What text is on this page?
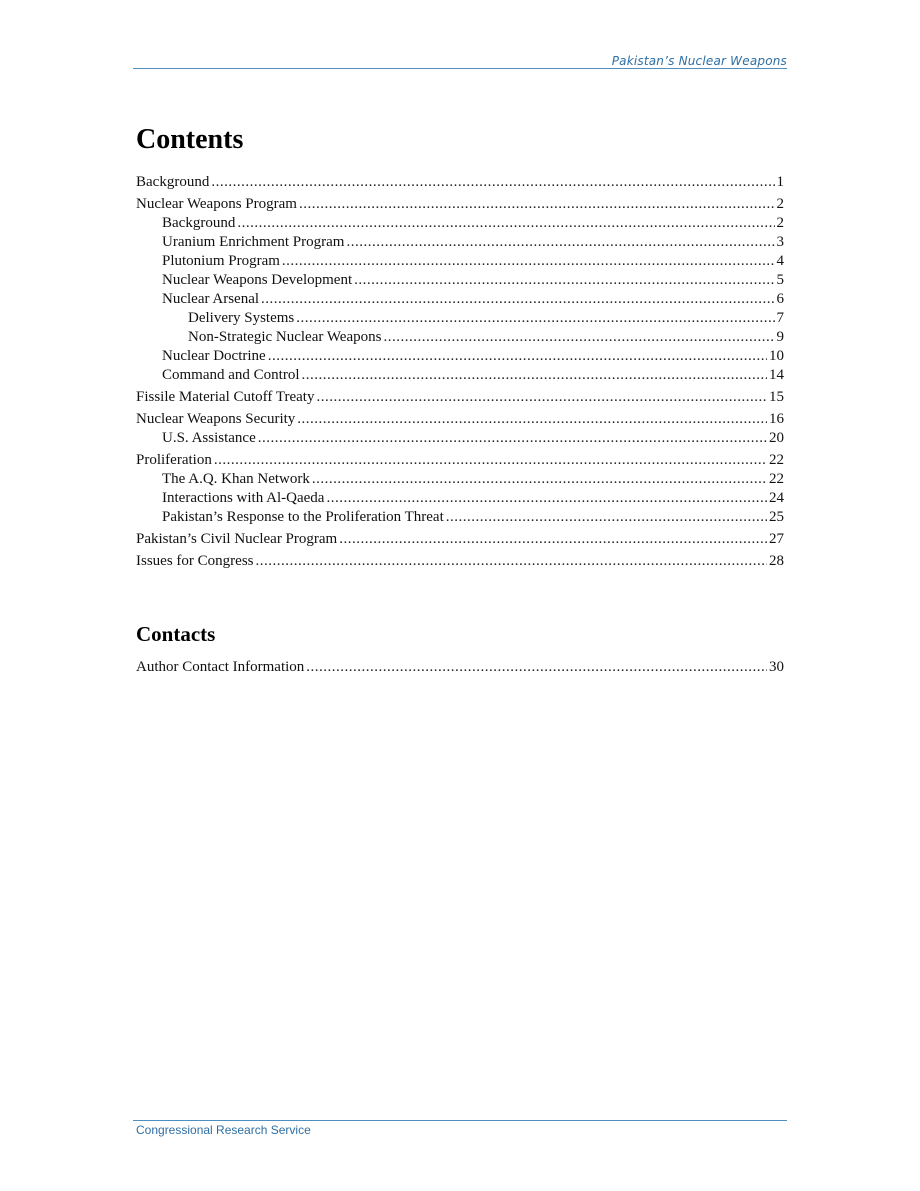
Pakistan’s Nuclear Weapons
Contents
Background .....	1
Nuclear Weapons Program .....	2
Background .....	2
Uranium Enrichment Program .....	3
Plutonium Program .....	4
Nuclear Weapons Development .....	5
Nuclear Arsenal .....	6
Delivery Systems .....	7
Non-Strategic Nuclear Weapons .....	9
Nuclear Doctrine .....	10
Command and Control .....	14
Fissile Material Cutoff Treaty .....	15
Nuclear Weapons Security .....	16
U.S. Assistance .....	20
Proliferation .....	22
The A.Q. Khan Network .....	22
Interactions with Al-Qaeda .....	24
Pakistan’s Response to the Proliferation Threat .....	25
Pakistan’s Civil Nuclear Program .....	27
Issues for Congress .....	28
Contacts
Author Contact Information .....	30
Congressional Research Service
